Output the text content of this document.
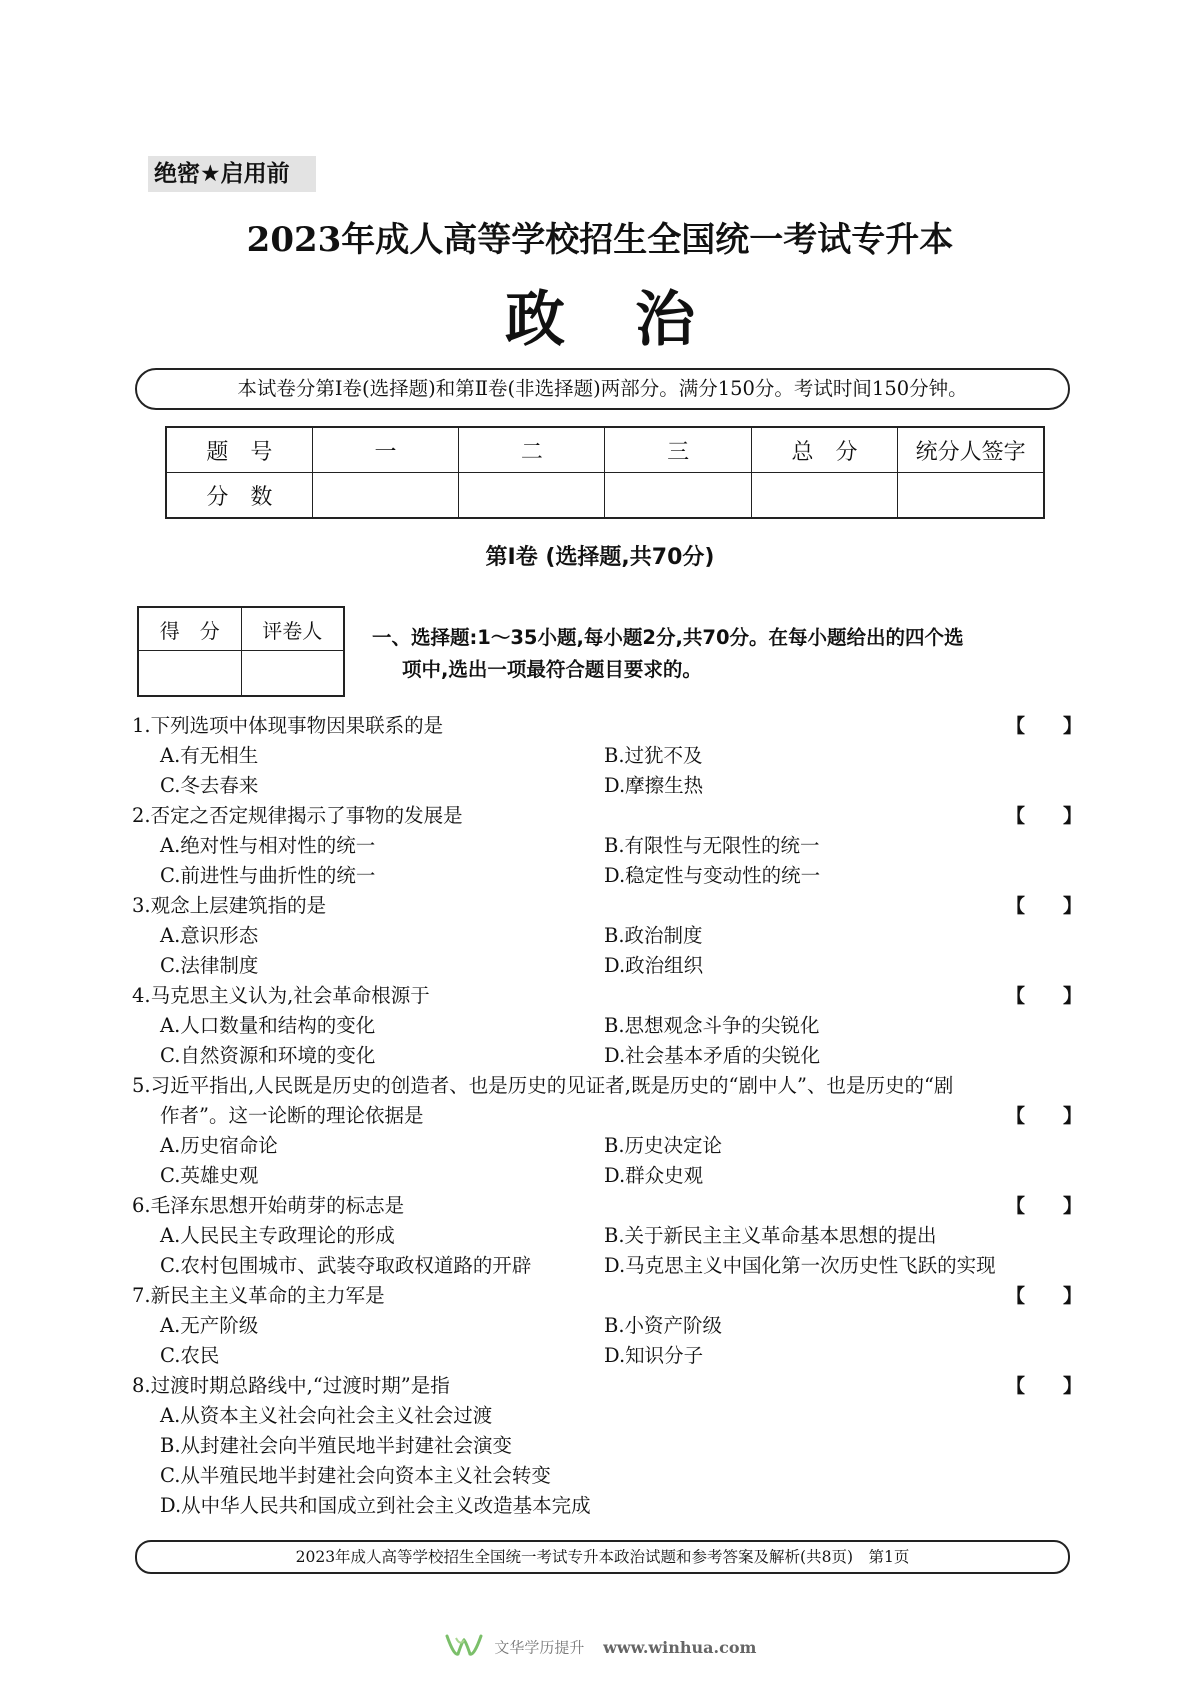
绝密★启用前
2023年成人高等学校招生全国统一考试专升本
政治
本试卷分第Ⅰ卷(选择题)和第Ⅱ卷(非选择题)两部分。满分150分。考试时间150分钟。
题　号	一	二	三	总　分	统分人签字
分　数					
第Ⅰ卷 (选择题,共70分)
得　分	评卷人
		一、选择题:1～35小题,每小题2分,共70分。在每小题给出的四个选
项中,选出一项最符合题目要求的。
1.下列选项中体现事物因果联系的是	【　　】
A.有无相生	B.过犹不及
C.冬去春来	D.摩擦生热
2.否定之否定规律揭示了事物的发展是	【　　】
A.绝对性与相对性的统一	B.有限性与无限性的统一
C.前进性与曲折性的统一	D.稳定性与变动性的统一
3.观念上层建筑指的是	【　　】
A.意识形态	B.政治制度
C.法律制度	D.政治组织
4.马克思主义认为,社会革命根源于	【　　】
A.人口数量和结构的变化	B.思想观念斗争的尖锐化
C.自然资源和环境的变化	D.社会基本矛盾的尖锐化
5.习近平指出,人民既是历史的创造者、也是历史的见证者,既是历史的“剧中人”、也是历史的“剧
作者”。这一论断的理论依据是	【　　】
A.历史宿命论	B.历史决定论
C.英雄史观	D.群众史观
6.毛泽东思想开始萌芽的标志是	【　　】
A.人民民主专政理论的形成	B.关于新民主主义革命基本思想的提出
C.农村包围城市、武装夺取政权道路的开辟	D.马克思主义中国化第一次历史性飞跃的实现
7.新民主主义革命的主力军是	【　　】
A.无产阶级	B.小资产阶级
C.农民	D.知识分子
8.过渡时期总路线中,“过渡时期”是指	【　　】
A.从资本主义社会向社会主义社会过渡
B.从封建社会向半殖民地半封建社会演变
C.从半殖民地半封建社会向资本主义社会转变
D.从中华人民共和国成立到社会主义改造基本完成
2023年成人高等学校招生全国统一考试专升本政治试题和参考答案及解析(共8页)　第1页
文华学历提升 www.winhua.com
